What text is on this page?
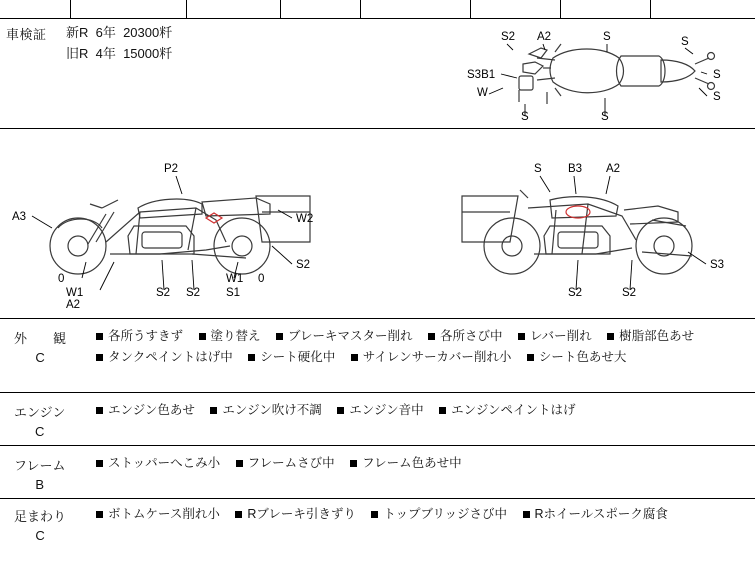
車検証 新R  6年  20300粁
旧R  4年  15000粁
S2 A2	S	S
S3B1	S
S
W
S	S
P2
A3	W2
S2
0
W1
A2
S2 S2
W1
S1
0
S B3 A2
S3
S2	S2
外　　観
C
各所うすきず 塗り替え ブレーキマスター削れ 各所さび中 レバー削れ 樹脂部色あせ
タンクペイントはげ中 シート硬化中 サイレンサーカバー削れ小 シート色あせ大
エンジン
C
エンジン色あせ エンジン吹け不調 エンジン音中 エンジンペイントはげ
フレーム
B
ストッパーへこみ小 フレームさび中 フレーム色あせ中
足まわり
C
ボトムケース削れ小 Rブレーキ引きずり トップブリッジさび中 Rホイールスポーク腐食
